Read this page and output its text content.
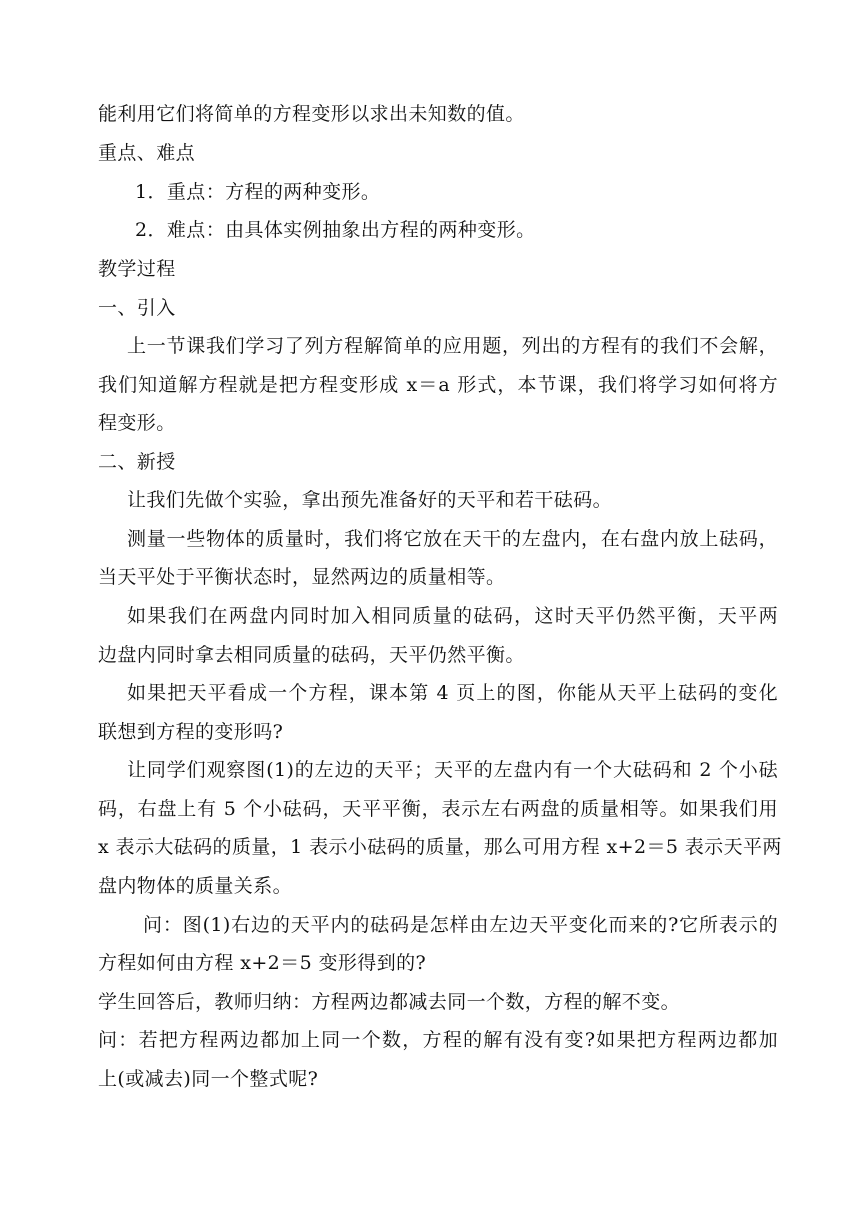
能利用它们将简单的方程变形以求出未知数的值。
重点、难点
1．重点：方程的两种变形。
2．难点：由具体实例抽象出方程的两种变形。
教学过程
一、引入
上一节课我们学习了列方程解简单的应用题，列出的方程有的我们不会解，
我们知道解方程就是把方程变形成 x＝a 形式，本节课，我们将学习如何将方
程变形。
二、新授
让我们先做个实验，拿出预先准备好的天平和若干砝码。
测量一些物体的质量时，我们将它放在天干的左盘内，在右盘内放上砝码，
当天平处于平衡状态时，显然两边的质量相等。
如果我们在两盘内同时加入相同质量的砝码，这时天平仍然平衡，天平两
边盘内同时拿去相同质量的砝码，天平仍然平衡。
如果把天平看成一个方程，课本第 4 页上的图，你能从天平上砝码的变化
联想到方程的变形吗?
让同学们观察图(1)的左边的天平；天平的左盘内有一个大砝码和 2 个小砝
码，右盘上有 5 个小砝码，天平平衡，表示左右两盘的质量相等。如果我们用
x 表示大砝码的质量，1 表示小砝码的质量，那么可用方程 x+2＝5 表示天平两
盘内物体的质量关系。
问：图(1)右边的天平内的砝码是怎样由左边天平变化而来的?它所表示的
方程如何由方程 x+2＝5 变形得到的?
学生回答后，教师归纳：方程两边都减去同一个数，方程的解不变。
问：若把方程两边都加上同一个数，方程的解有没有变?如果把方程两边都加
上(或减去)同一个整式呢?
